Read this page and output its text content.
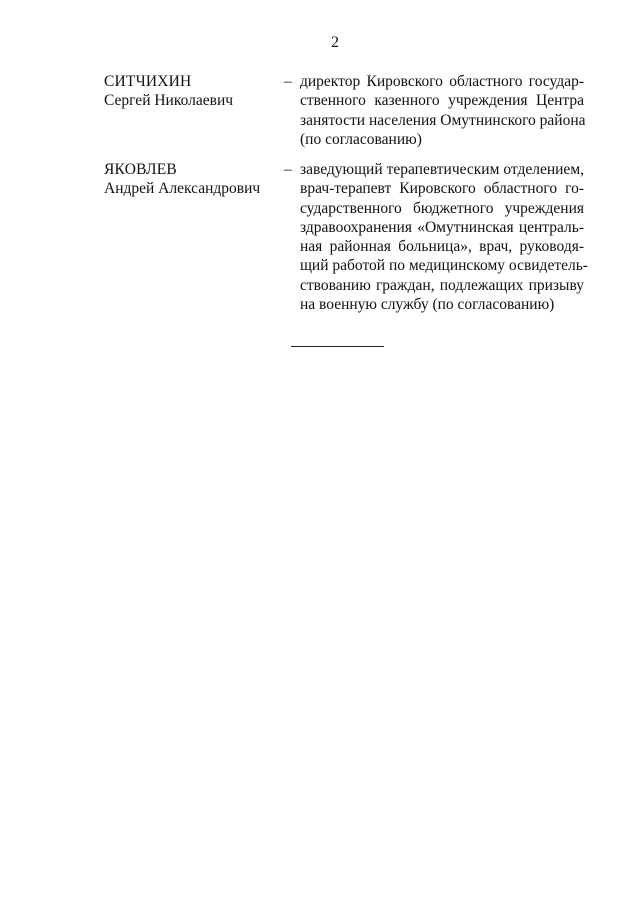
2
СИТЧИХИН
Сергей Николаевич
– директор Кировского областного государ-
ственного казенного учреждения Центра
занятости населения Омутнинского района
(по согласованию)
ЯКОВЛЕВ
Андрей Александрович
– заведующий терапевтическим отделением,
врач-терапевт Кировского областного го-
сударственного бюджетного учреждения
здравоохранения «Омутнинская централь-
ная районная больница», врач, руководя-
щий работой по медицинскому освидетель-
ствованию граждан, подлежащих призыву
на военную службу (по согласованию)
